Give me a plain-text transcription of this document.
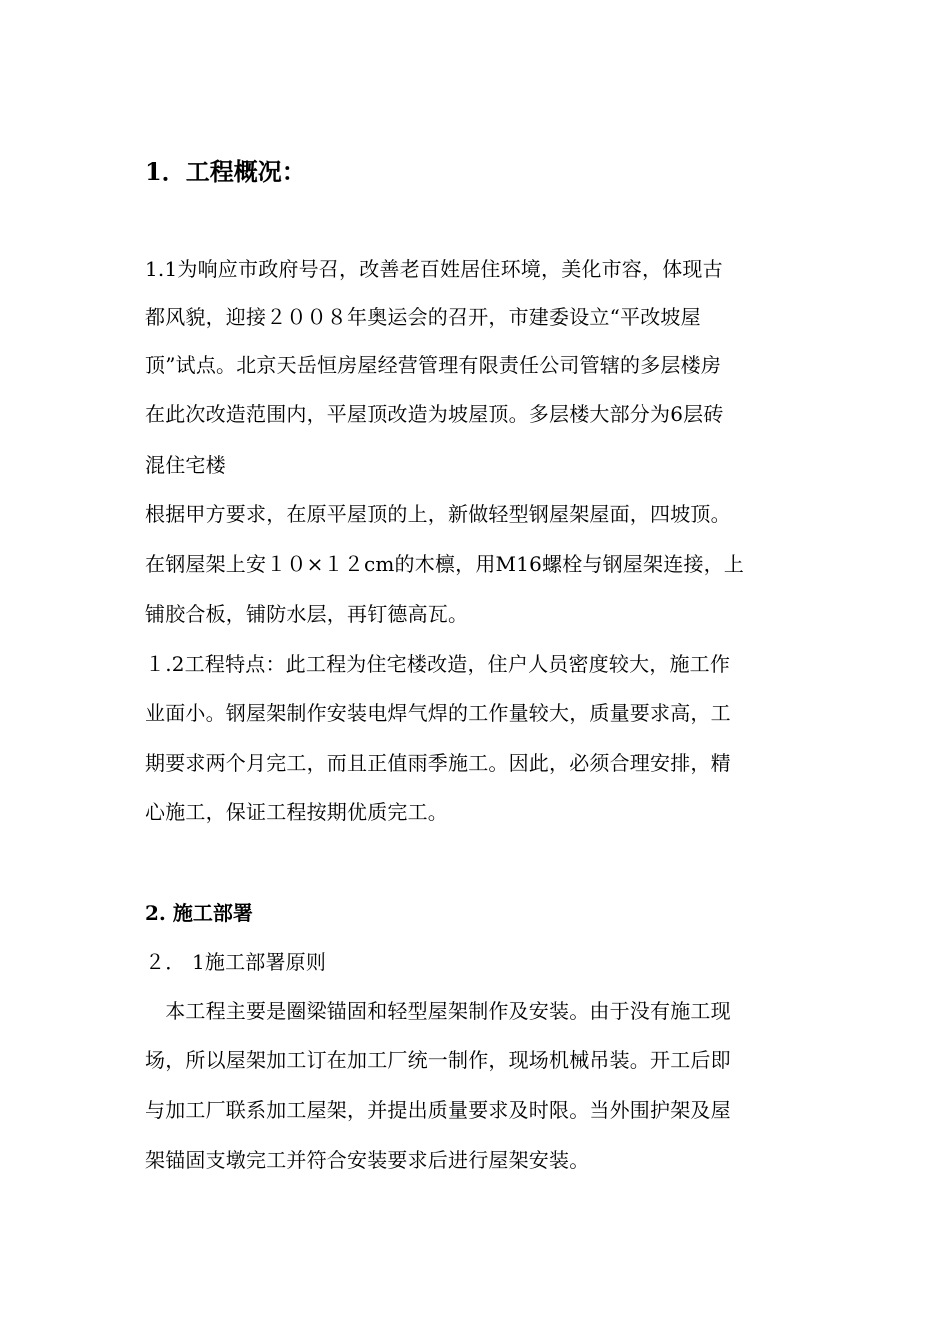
1．工程概况：
1.1为响应市政府号召，改善老百姓居住环境，美化市容，体现古
都风貌，迎接２００８年奥运会的召开，市建委设立“平改坡屋
顶”试点。北京天岳恒房屋经营管理有限责任公司管辖的多层楼房
在此次改造范围内，平屋顶改造为坡屋顶。多层楼大部分为6层砖
混住宅楼
根据甲方要求，在原平屋顶的上，新做轻型钢屋架屋面，四坡顶。
在钢屋架上安１０×１２cm的木檩，用M16螺栓与钢屋架连接，上
铺胶合板，铺防水层，再钉德高瓦。
１.2工程特点：此工程为住宅楼改造，住户人员密度较大，施工作
业面小。钢屋架制作安装电焊气焊的工作量较大，质量要求高，工
期要求两个月完工，而且正值雨季施工。因此，必须合理安排，精
心施工，保证工程按期优质完工。
2. 施工部署
２． 1施工部署原则
　本工程主要是圈梁锚固和轻型屋架制作及安装。由于没有施工现
场，所以屋架加工订在加工厂统一制作，现场机械吊装。开工后即
与加工厂联系加工屋架，并提出质量要求及时限。当外围护架及屋
架锚固支墩完工并符合安装要求后进行屋架安装。
